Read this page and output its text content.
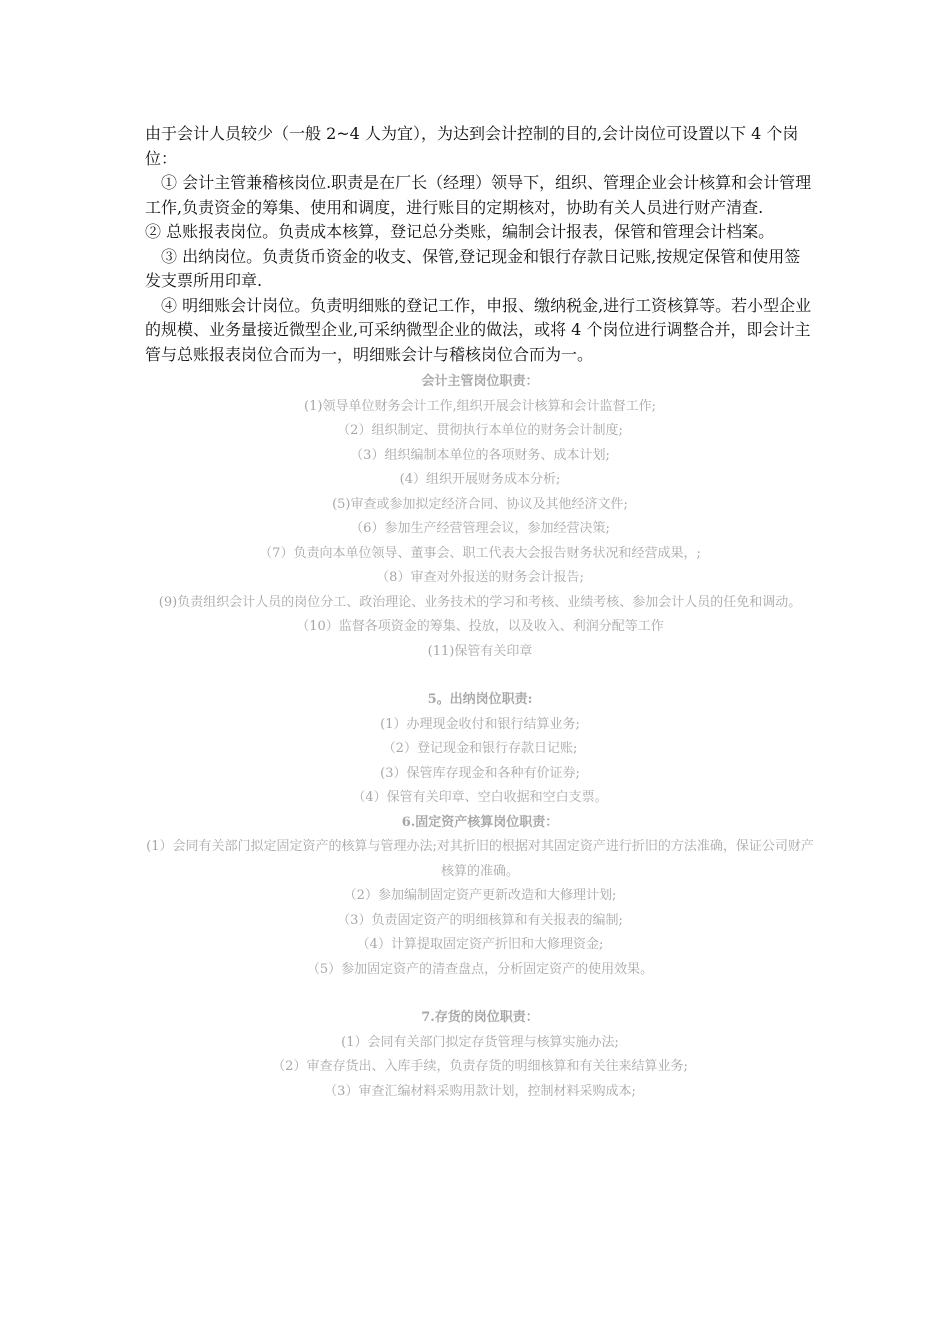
由于会计人员较少（一般 2~4 人为宜），为达到会计控制的目的,会计岗位可设置以下 4 个岗位：

① 会计主管兼稽核岗位.职责是在厂长（经理）领导下，组织、管理企业会计核算和会计管理工作,负责资金的筹集、使用和调度，进行账目的定期核对，协助有关人员进行财产清查.

② 总账报表岗位。负责成本核算，登记总分类账，编制会计报表，保管和管理会计档案。

③ 出纳岗位。负责货币资金的收支、保管,登记现金和银行存款日记账,按规定保管和使用签发支票所用印章.

④ 明细账会计岗位。负责明细账的登记工作，申报、缴纳税金,进行工资核算等。若小型企业的规模、业务量接近微型企业,可采纳微型企业的做法，或将 4 个岗位进行调整合并，即会计主管与总账报表岗位合而为一，明细账会计与稽核岗位合而为一。

会计主管岗位职责：

(1)领导单位财务会计工作,组织开展会计核算和会计监督工作;

（2）组织制定、贯彻执行本单位的财务会计制度;

（3）组织编制本单位的各项财务、成本计划;

(4）组织开展财务成本分析;

(5)审查或参加拟定经济合同、协议及其他经济文件;

（6）参加生产经营管理会议，参加经营决策;

（7）负责向本单位领导、董事会、职工代表大会报告财务状况和经营成果，;

（8）审查对外报送的财务会计报告;

(9)负责组织会计人员的岗位分工、政治理论、业务技术的学习和考核、业绩考核、参加会计人员的任免和调动。

（10）监督各项资金的筹集、投放，以及收入、利润分配等工作

(11)保管有关印章

5。出纳岗位职责:

(1）办理现金收付和银行结算业务;

（2）登记现金和银行存款日记账;

(3）保管库存现金和各种有价证券;

（4）保管有关印章、空白收据和空白支票。

6.固定资产核算岗位职责：

(1）会同有关部门拟定固定资产的核算与管理办法;对其折旧的根据对其固定资产进行折旧的方法准确，保证公司财产核算的准确。

（2）参加编制固定资产更新改造和大修理计划;

（3）负责固定资产的明细核算和有关报表的编制;

（4）计算提取固定资产折旧和大修理资金;

（5）参加固定资产的清查盘点，分析固定资产的使用效果。

7.存货的岗位职责：

(1）会同有关部门拟定存货管理与核算实施办法;

（2）审查存货出、入库手续，负责存货的明细核算和有关往来结算业务;

（3）审查汇编材料采购用款计划，控制材料采购成本;
